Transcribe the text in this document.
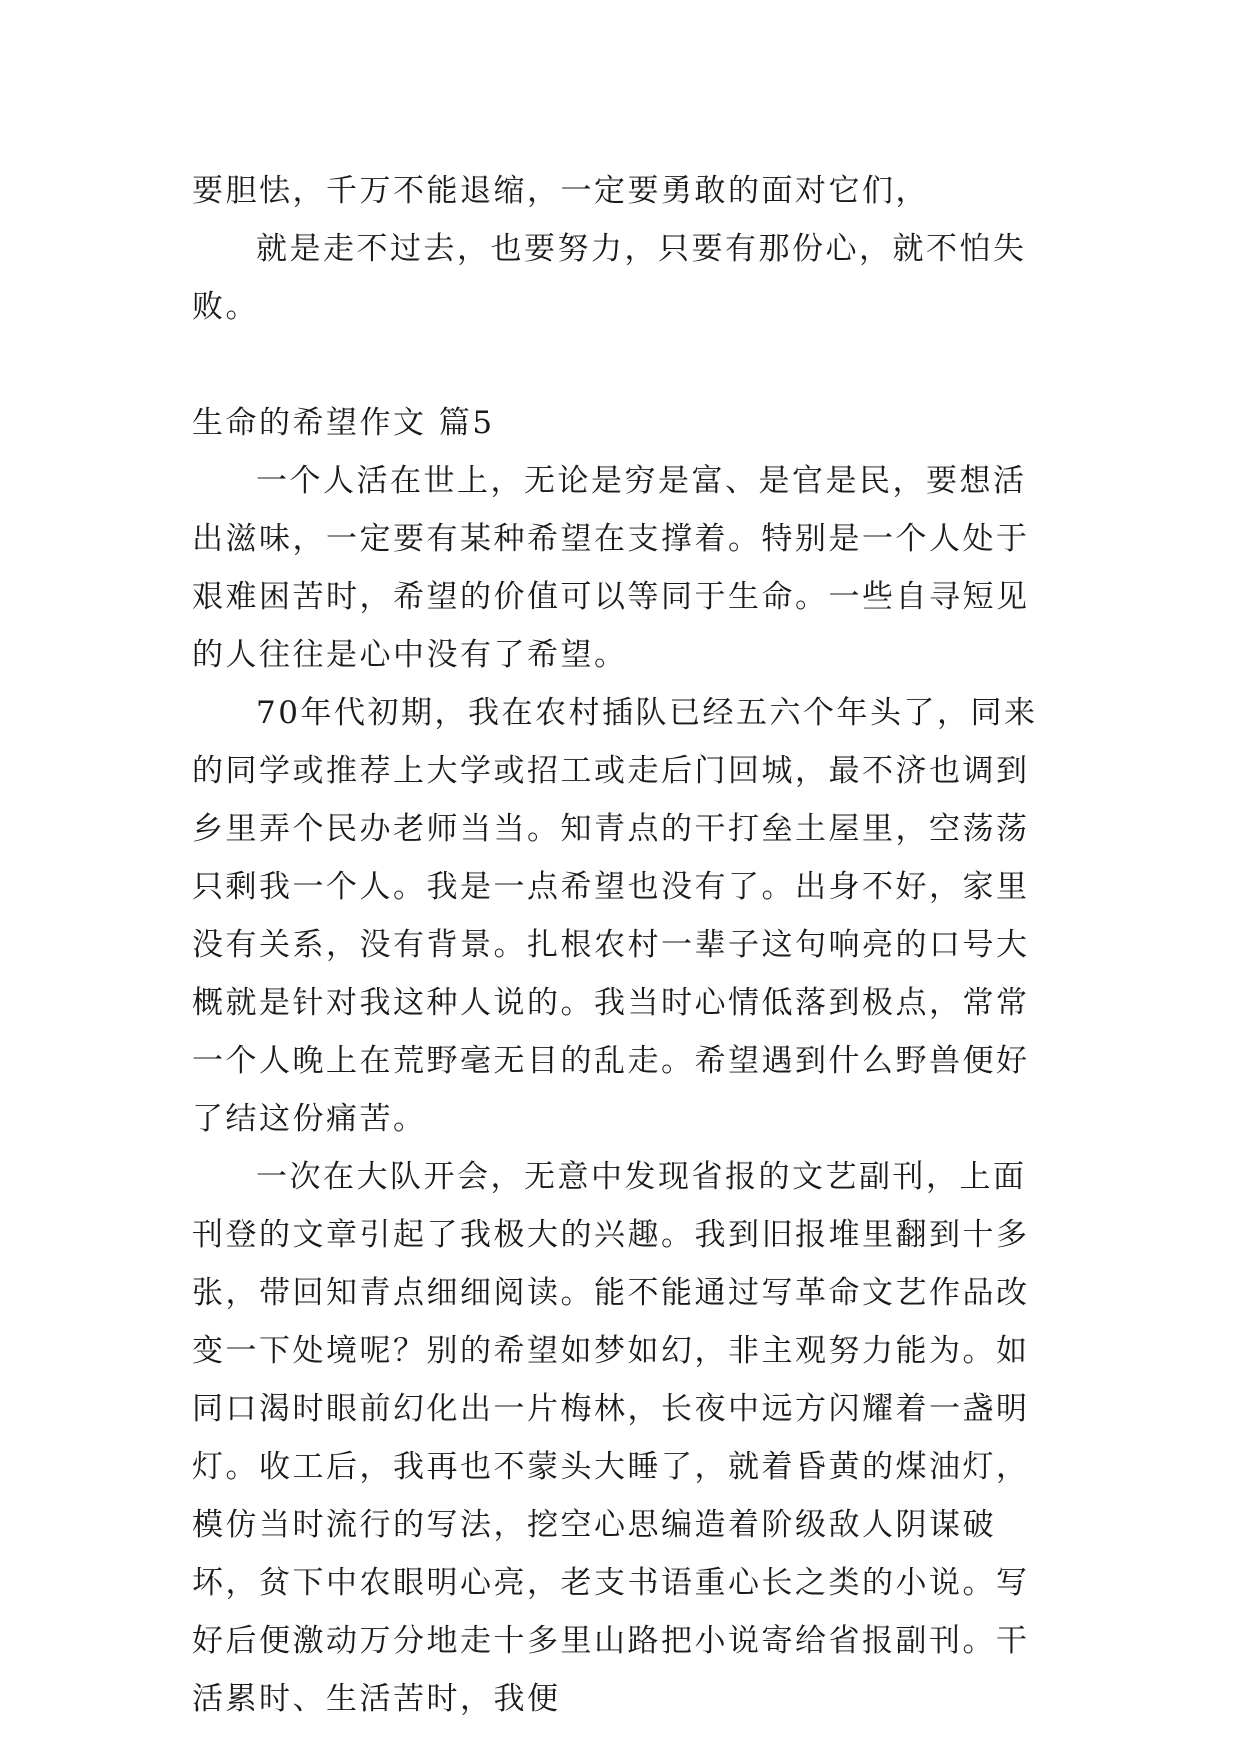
要胆怯，千万不能退缩，一定要勇敢的面对它们，

就是走不过去，也要努力，只要有那份心，就不怕失败。

生命的希望作文 篇5

一个人活在世上，无论是穷是富、是官是民，要想活出滋味，一定要有某种希望在支撑着。特别是一个人处于艰难困苦时，希望的价值可以等同于生命。一些自寻短见的人往往是心中没有了希望。

70年代初期，我在农村插队已经五六个年头了，同来的同学或推荐上大学或招工或走后门回城，最不济也调到乡里弄个民办老师当当。知青点的干打垒土屋里，空荡荡只剩我一个人。我是一点希望也没有了。出身不好，家里没有关系，没有背景。扎根农村一辈子这句响亮的口号大概就是针对我这种人说的。我当时心情低落到极点，常常一个人晚上在荒野毫无目的乱走。希望遇到什么野兽便好了结这份痛苦。

一次在大队开会，无意中发现省报的文艺副刊，上面刊登的文章引起了我极大的兴趣。我到旧报堆里翻到十多张，带回知青点细细阅读。能不能通过写革命文艺作品改变一下处境呢？别的希望如梦如幻，非主观努力能为。如同口渴时眼前幻化出一片梅林，长夜中远方闪耀着一盏明灯。收工后，我再也不蒙头大睡了，就着昏黄的煤油灯，模仿当时流行的写法，挖空心思编造着阶级敌人阴谋破坏，贫下中农眼明心亮，老支书语重心长之类的小说。写好后便激动万分地走十多里山路把小说寄给省报副刊。干活累时、生活苦时，我便
